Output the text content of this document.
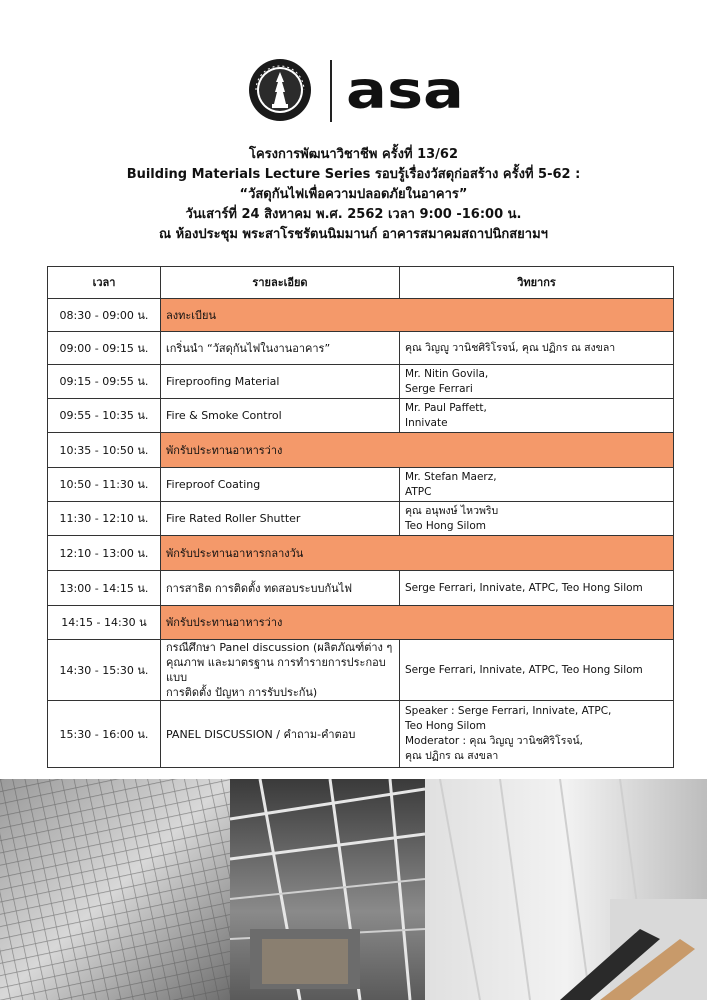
asa
โครงการพัฒนาวิชาชีพ ครั้งที่ 13/62
Building Materials Lecture Series รอบรู้เรื่องวัสดุก่อสร้าง ครั้งที่ 5-62 :
“วัสดุกันไฟเพื่อความปลอดภัยในอาคาร”
วันเสาร์ที่ 24 สิงหาคม พ.ศ. 2562 เวลา 9:00 -16:00 น.
ณ ห้องประชุม พระสาโรชรัตนนิมมานก์ อาคารสมาคมสถาปนิกสยามฯ
เวลา	รายละเอียด	วิทยากร
08:30 - 09:00 น.	ลงทะเบียน	
09:00 - 09:15 น.	เกริ่นนำ “วัสดุกันไฟในงานอาคาร”	คุณ วิญญู วานิชศิริโรจน์, คุณ ปฏิกร ณ สงขลา
09:15 - 09:55 น.	Fireproofing Material	Mr. Nitin Govila,
Serge Ferrari

09:55 - 10:35 น.	Fire & Smoke Control	Mr. Paul Paffett,
Innivate

10:35 - 10:50 น.	พักรับประทานอาหารว่าง	
10:50 - 11:30 น.	Fireproof Coating	Mr. Stefan Maerz,
ATPC

11:30 - 12:10 น.	Fire Rated Roller Shutter	คุณ อนุพงษ์ ไหวพริบ
Teo Hong Silom

12:10 - 13:00 น.	พักรับประทานอาหารกลางวัน	
13:00 - 14:15 น.	การสาธิต การติดตั้ง ทดสอบระบบกันไฟ	Serge Ferrari, Innivate, ATPC, Teo Hong Silom
14:15 - 14:30 น	พักรับประทานอาหารว่าง	
14:30 - 15:30 น.	กรณีศึกษา Panel discussion (ผลิตภัณฑ์ต่าง ๆ
คุณภาพ และมาตรฐาน การทำรายการประกอบแบบ
การติดตั้ง ปัญหา การรับประกัน)	Serge Ferrari, Innivate, ATPC, Teo Hong Silom
15:30 - 16:00 น.	PANEL DISCUSSION / คำถาม-คำตอบ	Speaker : Serge Ferrari, Innivate, ATPC,
Teo Hong Silom
Moderator : คุณ วิญญู วานิชศิริโรจน์,
คุณ ปฏิกร ณ สงขลา
